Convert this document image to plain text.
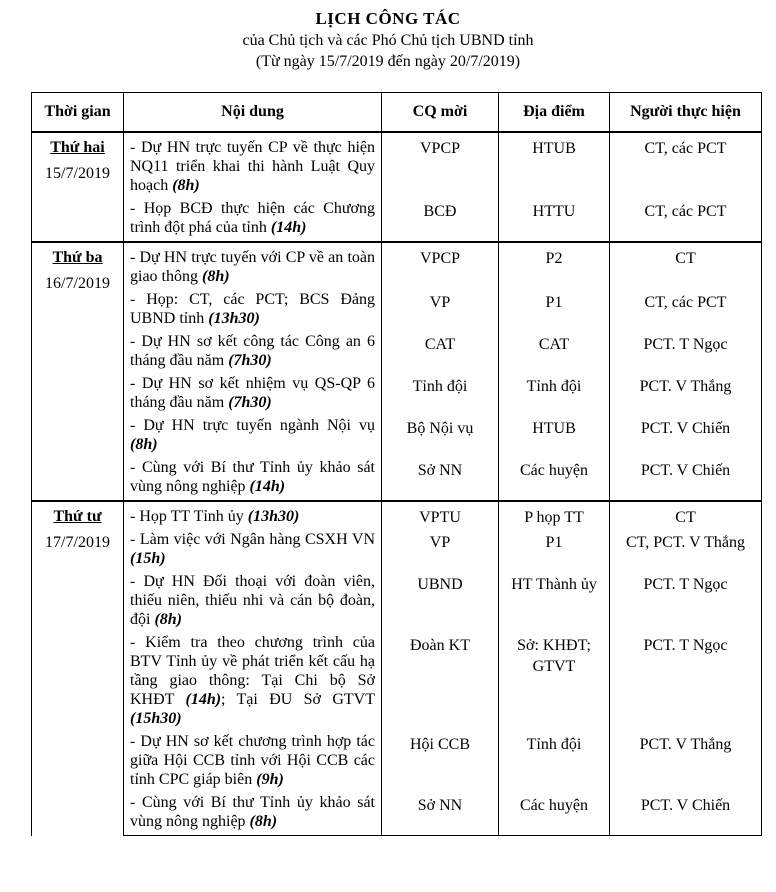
LỊCH CÔNG TÁC
của Chủ tịch và các Phó Chủ tịch UBND tỉnh
(Từ ngày 15/7/2019 đến ngày 20/7/2019)
Thời gian	Nội dung	CQ mời	Địa điểm	Người thực hiện

Thứ hai
15/7/2019	- Dự HN trực tuyến CP về thực hiện NQ11 triển khai thi hành Luật Quy hoạch (8h)	VPCP	HTUB	CT, các PCT
	- Họp BCĐ thực hiện các Chương trình đột phá của tỉnh (14h)	BCĐ	HTTU	CT, các PCT

Thứ ba
16/7/2019	- Dự HN trực tuyến với CP về an toàn giao thông (8h)	VPCP	P2	CT
	- Họp: CT, các PCT; BCS Đảng UBND tỉnh (13h30)	VP	P1	CT, các PCT
	- Dự HN sơ kết công tác Công an 6 tháng đầu năm (7h30)	CAT	CAT	PCT. T Ngọc
	- Dự HN sơ kết nhiệm vụ QS-QP 6 tháng đầu năm (7h30)	Tỉnh đội	Tỉnh đội	PCT. V Thắng
	- Dự HN trực tuyến ngành Nội vụ (8h)	Bộ Nội vụ	HTUB	PCT. V Chiến
	- Cùng với Bí thư Tỉnh ủy khảo sát vùng nông nghiệp (14h)	Sở NN	Các huyện	PCT. V Chiến

Thứ tư
17/7/2019	- Họp TT Tỉnh ủy (13h30)	VPTU	P họp TT	CT
	- Làm việc với Ngân hàng CSXH VN (15h)	VP	P1	CT, PCT. V Thắng
	- Dự HN Đối thoại với đoàn viên, thiếu niên, thiếu nhi và cán bộ đoàn, đội (8h)	UBND	HT Thành ủy	PCT. T Ngọc
	- Kiểm tra theo chương trình của BTV Tỉnh ủy về phát triển kết cấu hạ tầng giao thông: Tại Chi bộ Sở KHĐT (14h); Tại ĐU Sở GTVT (15h30)	Đoàn KT	Sở: KHĐT; GTVT	PCT. T Ngọc
	- Dự HN sơ kết chương trình hợp tác giữa Hội CCB tỉnh với Hội CCB các tỉnh CPC giáp biên (9h)	Hội CCB	Tỉnh đội	PCT. V Thắng
	- Cùng với Bí thư Tỉnh ủy khảo sát vùng nông nghiệp (8h)	Sở NN	Các huyện	PCT. V Chiến
